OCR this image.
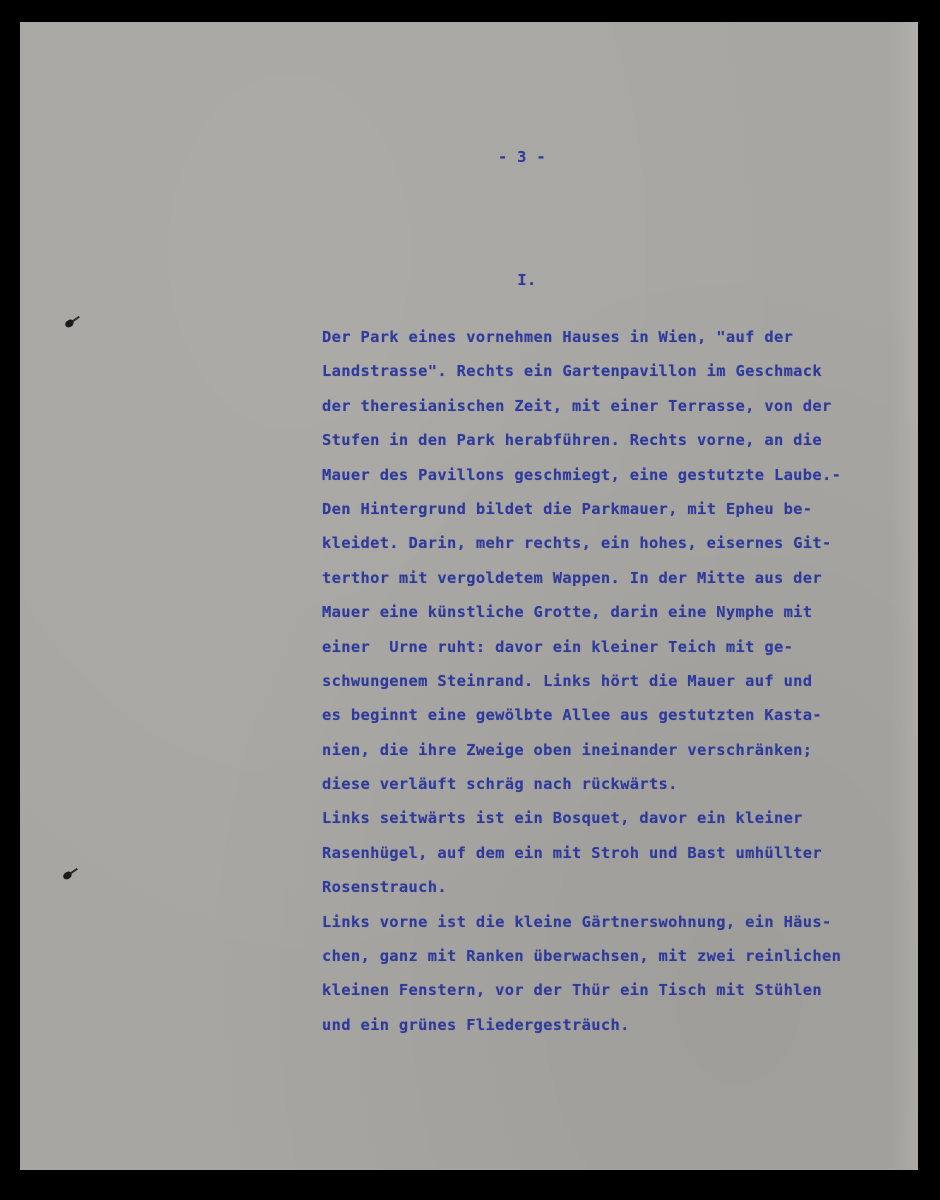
- 3 -

I.

Der Park eines vornehmen Hauses in Wien, "auf der
Landstrasse". Rechts ein Gartenpavillon im Geschmack
der theresianischen Zeit, mit einer Terrasse, von der
Stufen in den Park herabführen. Rechts vorne, an die
Mauer des Pavillons geschmiegt, eine gestutzte Laube.-
Den Hintergrund bildet die Parkmauer, mit Epheu be-
kleidet. Darin, mehr rechts, ein hohes, eisernes Git-
terthor mit vergoldetem Wappen. In der Mitte aus der
Mauer eine künstliche Grotte, darin eine Nymphe mit
einer  Urne ruht: davor ein kleiner Teich mit ge-
schwungenem Steinrand. Links hört die Mauer auf und
es beginnt eine gewölbte Allee aus gestutzten Kasta-
nien, die ihre Zweige oben ineinander verschränken;
diese verläuft schräg nach rückwärts.
Links seitwärts ist ein Bosquet, davor ein kleiner
Rasenhügel, auf dem ein mit Stroh und Bast umhüllter
Rosenstrauch.
Links vorne ist die kleine Gärtnerswohnung, ein Häus-
chen, ganz mit Ranken überwachsen, mit zwei reinlichen
kleinen Fenstern, vor der Thür ein Tisch mit Stühlen
und ein grünes Fliedergesträuch.
